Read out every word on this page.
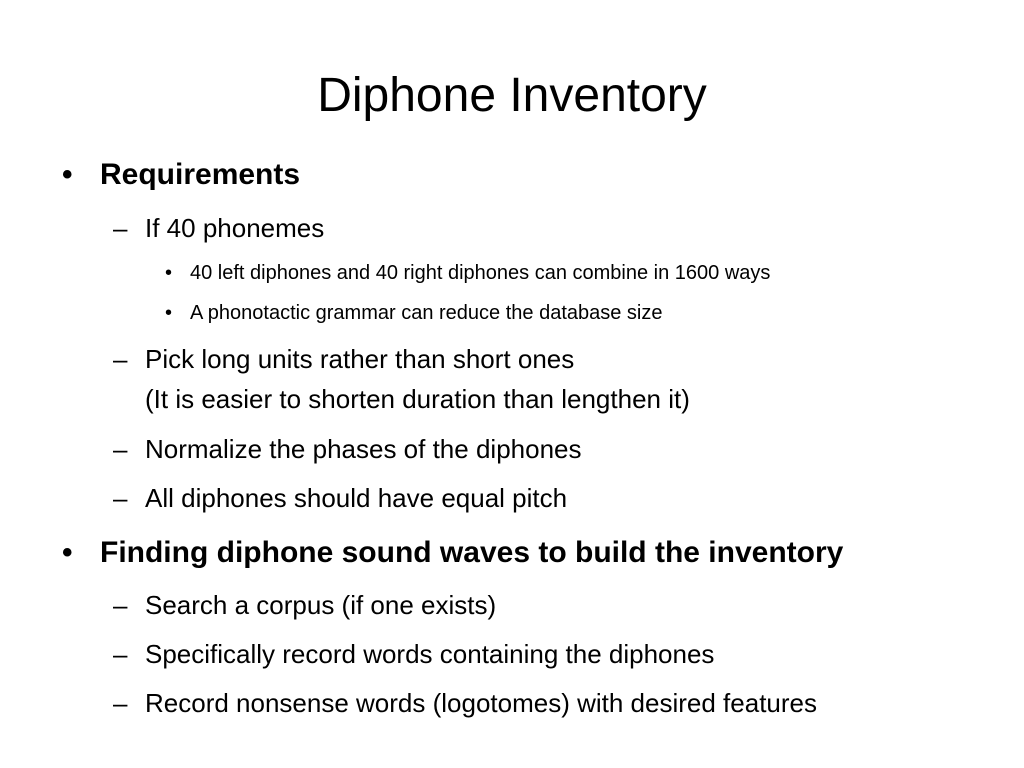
Diphone Inventory
• Requirements
– If 40 phonemes
• 40 left diphones and 40 right diphones can combine in 1600 ways
• A phonotactic grammar can reduce the database size
– Pick long units rather than short ones
(It is easier to shorten duration than lengthen it)
– Normalize the phases of the diphones
– All diphones should have equal pitch
• Finding diphone sound waves to build the inventory
– Search a corpus (if one exists)
– Specifically record words containing the diphones
– Record nonsense words (logotomes) with desired features
